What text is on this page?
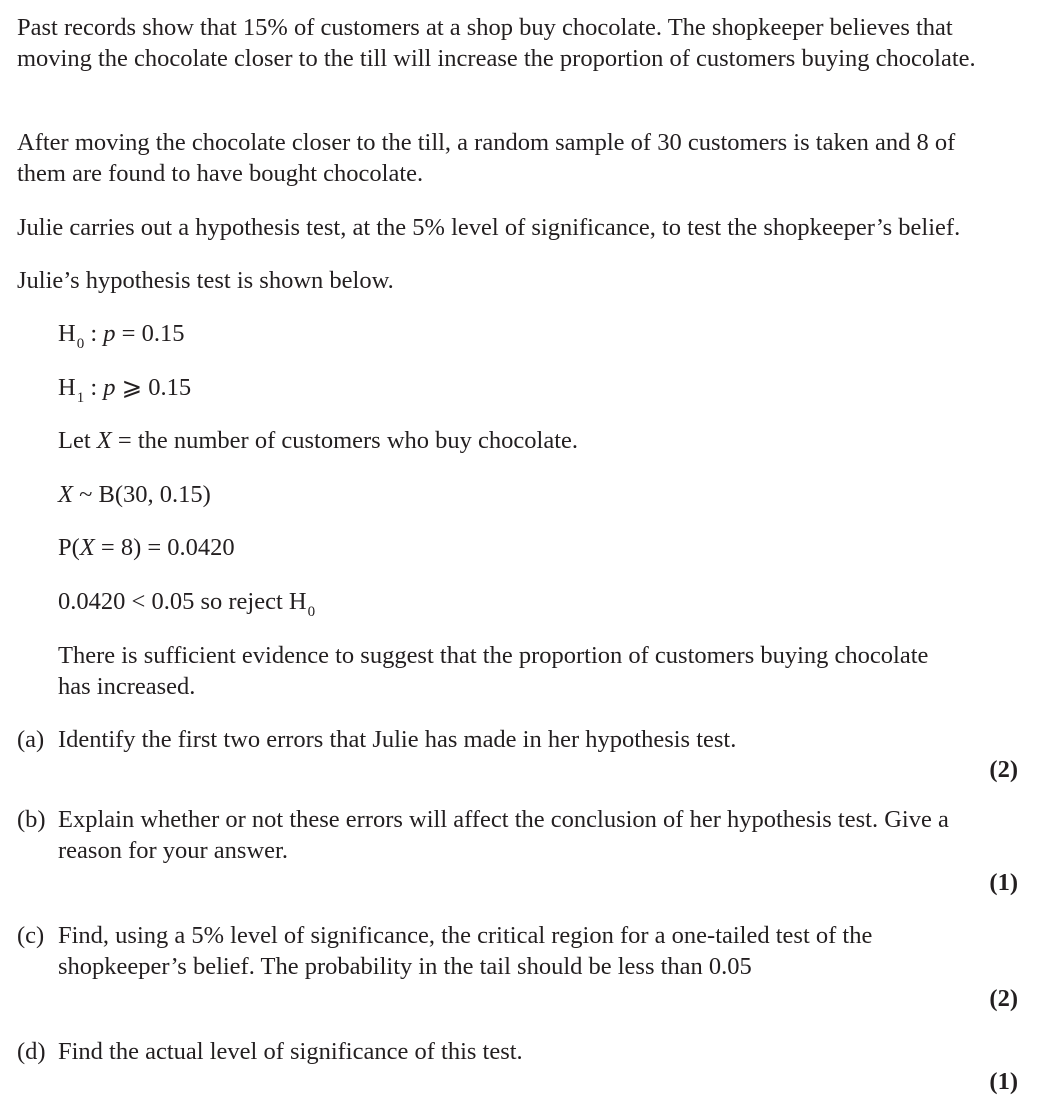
Past records show that 15% of customers at a shop buy chocolate. The shopkeeper believes that moving the chocolate closer to the till will increase the proportion of customers buying chocolate.

After moving the chocolate closer to the till, a random sample of 30 customers is taken and 8 of them are found to have bought chocolate.

Julie carries out a hypothesis test, at the 5% level of significance, to test the shopkeeper’s belief.

Julie’s hypothesis test is shown below.

$H_0$ : p = 0.15
$H_1$ : p ⩾ 0.15
Let X = the number of customers who buy chocolate.
X ~ B(30, 0.15)
P(X = 8) = 0.0420
0.0420 < 0.05 so reject $H_0$

There is sufficient evidence to suggest that the proportion of customers buying chocolate has increased.

(a) Identify the first two errors that Julie has made in her hypothesis test.
(2)
(b) Explain whether or not these errors will affect the conclusion of her hypothesis test. Give a reason for your answer.
(1)
(c) Find, using a 5% level of significance, the critical region for a one-tailed test of the shopkeeper’s belief. The probability in the tail should be less than 0.05
(2)
(d) Find the actual level of significance of this test.
(1)
